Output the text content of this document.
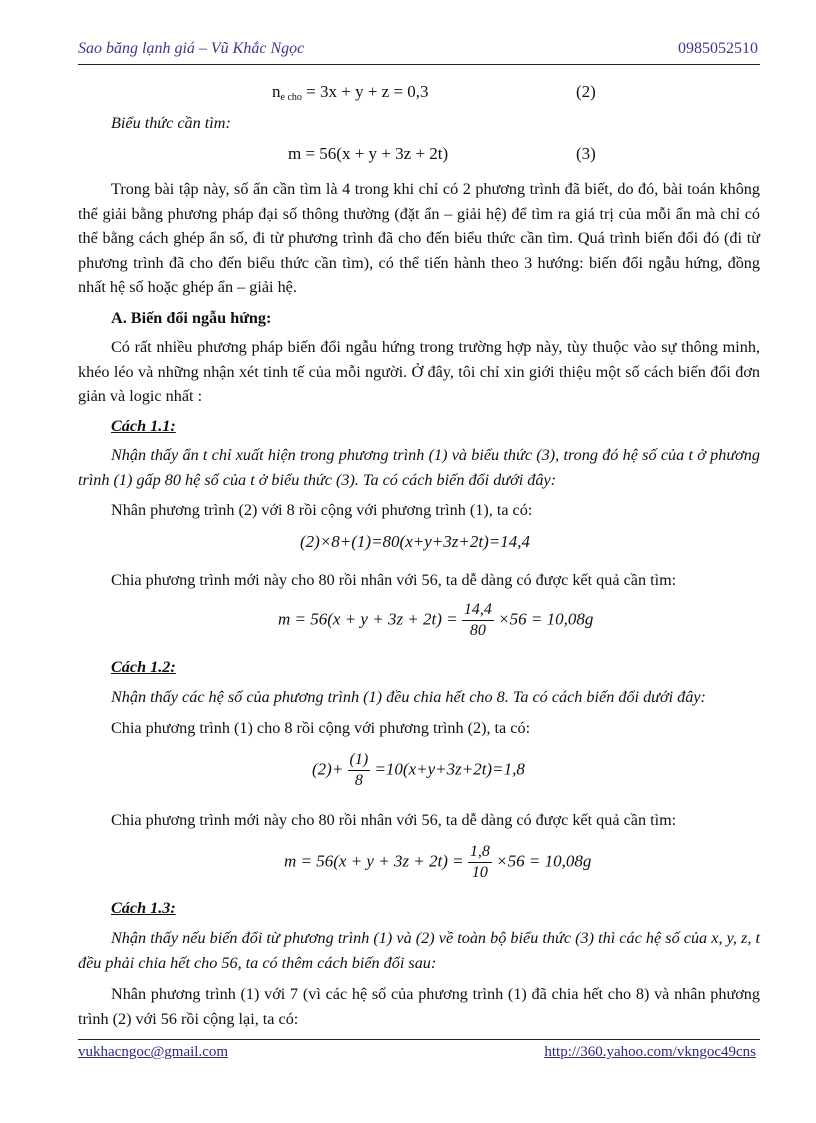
Sao băng lạnh giá – Vũ Khắc Ngọc	0985052510
$n_{e cho} = 3x + y + z = 0,3$	(2)
Biểu thức cần tìm:
m = 56(x + y + 3z + 2t)	(3)
Trong bài tập này, số ẩn cần tìm là 4 trong khi chỉ có 2 phương trình đã biết, do đó, bài toán không thể giải bằng phương pháp đại số thông thường (đặt ẩn – giải hệ) để tìm ra giá trị của mỗi ẩn mà chỉ có thể bằng cách ghép ẩn số, đi từ phương trình đã cho đến biểu thức cần tìm. Quá trình biến đổi đó (đi từ phương trình đã cho đến biểu thức cần tìm), có thể tiến hành theo 3 hướng: biến đổi ngẫu hứng, đồng nhất hệ số hoặc ghép ẩn – giải hệ.
A. Biến đổi ngẫu hứng:
Có rất nhiều phương pháp biến đổi ngẫu hứng trong trường hợp này, tùy thuộc vào sự thông minh, khéo léo và những nhận xét tinh tế của mỗi người. Ở đây, tôi chỉ xin giới thiệu một số cách biến đổi đơn giản và logic nhất :
Cách 1.1:
Nhận thấy ẩn t chỉ xuất hiện trong phương trình (1) và biểu thức (3), trong đó hệ số của t ở phương trình (1) gấp 80 hệ số của t ở biểu thức (3). Ta có cách biến đổi dưới đây:
Nhân phương trình (2) với 8 rồi cộng với phương trình (1), ta có:
(2)×8+(1)=80(x+y+3z+2t)=14,4
Chia phương trình mới này cho 80 rồi nhân với 56, ta dễ dàng có được kết quả cần tìm:
$m = 56(x + y + 3z + 2t) = \frac{14,4}{80} \times 56 = 10,08g$
Cách 1.2:
Nhận thấy các hệ số của phương trình (1) đều chia hết cho 8. Ta có cách biến đổi dưới đây:
Chia phương trình (1) cho 8 rồi cộng với phương trình (2), ta có:
$(2)+ \frac{(1)}{8} =10(x+y+3z+2t)=1,8$
Chia phương trình mới này cho 80 rồi nhân với 56, ta dễ dàng có được kết quả cần tìm:
$m = 56(x + y + 3z + 2t) = \frac{1,8}{10} \times 56 = 10,08g$
Cách 1.3:
Nhận thấy nếu biến đổi từ phương trình (1) và (2) về toàn bộ biểu thức (3) thì các hệ số của x, y, z, t đều phải chia hết cho 56, ta có thêm cách biến đổi sau:
Nhân phương trình (1) với 7 (vì các hệ số của phương trình (1) đã chia hết cho 8) và nhân phương trình (2) với 56 rồi cộng lại, ta có:
vukhacngoc@gmail.com	http://360.yahoo.com/vkngoc49cns
